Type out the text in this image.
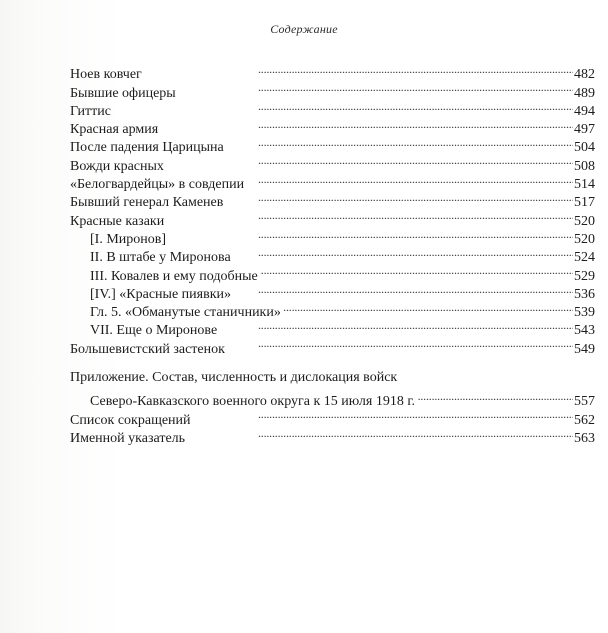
Содержание
Ноев ковчег . . .	482
Бывшие офицеры . . .	489
Гиттис . . .	494
Красная армия . . .	497
После падения Царицына . . .	504
Вожди красных . . .	508
«Белогвардейцы» в совдепии . . .	514
Бывший генерал Каменев . . .	517
Красные казаки . . .	520
[I. Миронов] . . .	520
II. В штабе у Миронова . . .	524
III. Ковалев и ему подобные . . .	529
[IV.] «Красные пиявки» . . .	536
Гл. 5. «Обманутые станичники» . . .	539
VII. Еще о Миронове . . .	543
Большевистский застенок . . .	549
Приложение. Состав, численность и дислокация войск
Северо-Кавказского военного округа к 15 июля 1918 г. . . .	557
Список сокращений . . .	562
Именной указатель . . .	563
